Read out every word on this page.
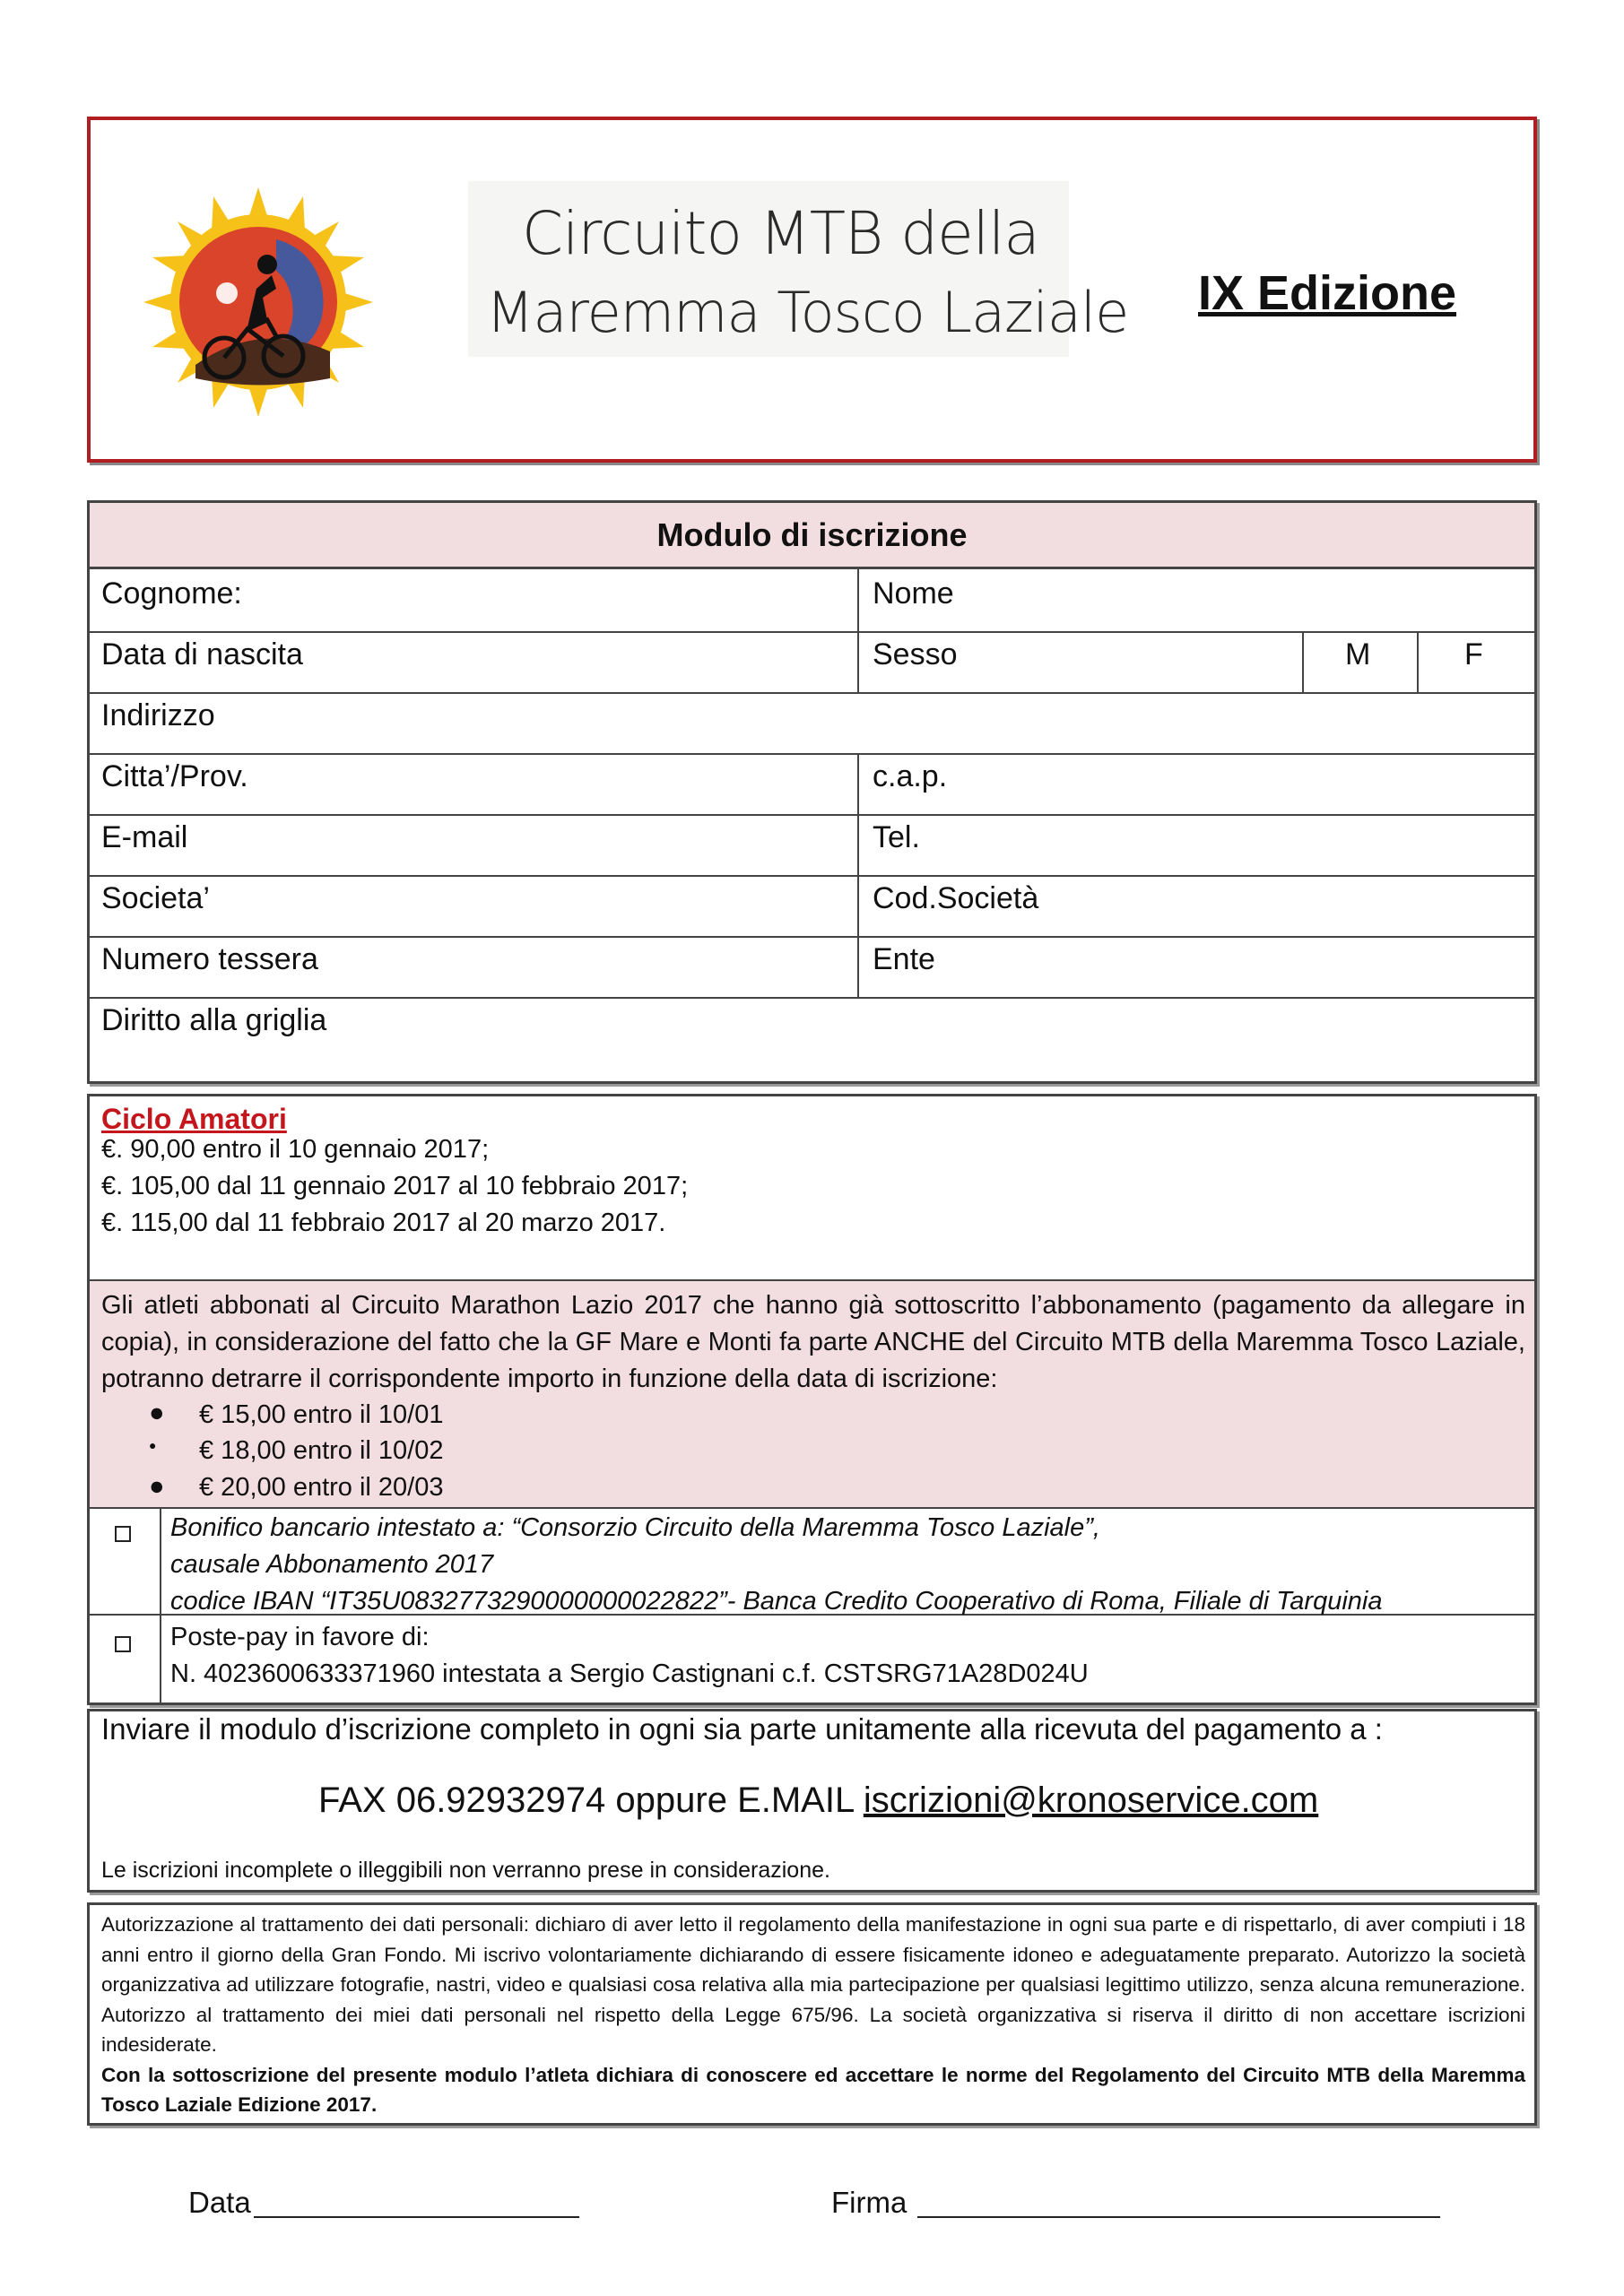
Circuito MTB della
Maremma Tosco Laziale IX Edizione
Modulo di iscrizione
Cognome:	Nome
Data di nascita	Sesso	M	F
Indirizzo
Citta’/Prov.	c.a.p.
E-mail	Tel.
Societa’	Cod.Società
Numero tessera	Ente
Diritto alla griglia
Ciclo Amatori
€. 90,00 entro il 10 gennaio 2017;
€. 105,00 dal 11 gennaio 2017 al 10 febbraio 2017;
€. 115,00 dal 11 febbraio 2017 al 20 marzo 2017.
Gli atleti abbonati al Circuito Marathon Lazio 2017 che hanno già sottoscritto l’abbonamento (pagamento da allegare in copia), in considerazione del fatto che la GF Mare e Monti fa parte ANCHE del Circuito MTB della Maremma Tosco Laziale, potranno detrarre il corrispondente importo in funzione della data di iscrizione:
●
●
●
€ 15,00 entro il 10/01
€ 18,00 entro il 10/02
€ 20,00 entro il 20/03
Bonifico bancario intestato a: “Consorzio Circuito della Maremma Tosco Laziale”,
causale Abbonamento 2017
codice IBAN “IT35U0832773290000000022822”- Banca Credito Cooperativo di Roma, Filiale di Tarquinia
Poste-pay in favore di:
N. 4023600633371960 intestata a Sergio Castignani c.f. CSTSRG71A28D024U
Inviare il modulo d’iscrizione completo in ogni sia parte unitamente alla ricevuta del pagamento a :
FAX 06.92932974 oppure E.MAIL iscrizioni@kronoservice.com
Le iscrizioni incomplete o illeggibili non verranno prese in considerazione.
Autorizzazione al trattamento dei dati personali: dichiaro di aver letto il regolamento della manifestazione in ogni sua parte e di rispettarlo, di aver compiuti i 18 anni entro il giorno della Gran Fondo. Mi iscrivo volontariamente dichiarando di essere fisicamente idoneo e adeguatamente preparato. Autorizzo la società organizzativa ad utilizzare fotografie, nastri, video e qualsiasi cosa relativa alla mia partecipazione per qualsiasi legittimo utilizzo, senza alcuna remunerazione. Autorizzo al trattamento dei miei dati personali nel rispetto della Legge 675/96. La società organizzativa si riserva il diritto di non accettare iscrizioni indesiderate.
Con la sottoscrizione del presente modulo l’atleta dichiara di conoscere ed accettare le norme del Regolamento del Circuito MTB della Maremma Tosco Laziale Edizione 2017.
Data	Firma
